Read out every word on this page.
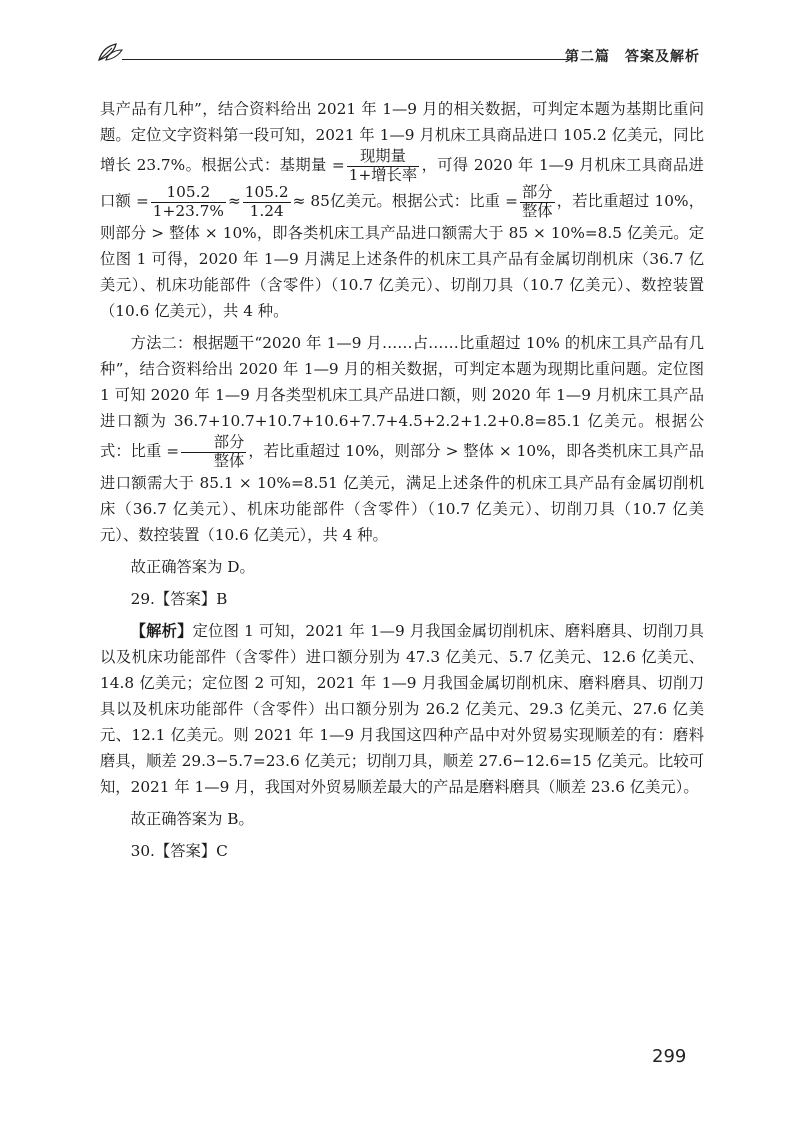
第二篇　答案及解析

具产品有几种”，结合资料给出 2021 年 1—9 月的相关数据，可判定本题为基期比重问题。定位文字资料第一段可知，2021 年 1—9 月机床工具商品进口 105.2 亿美元，同比增长 23.7%。根据公式：基期量 = $\frac{\text{现期量}}{\text{1+增长率}}$ ，可得 2020 年 1—9 月机床工具商品进口额 = $\frac{105.2}{1+23.7\%} \approx \frac{105.2}{1.24} \approx 85$亿美元。根据公式：比重 = $\frac{\text{部分}}{\text{整体}}$ ，若比重超过 10%，则部分 > 整体 × 10%，即各类机床工具产品进口额需大于 85 × 10%=8.5 亿美元。定位图 1 可得，2020 年 1—9 月满足上述条件的机床工具产品有金属切削机床（36.7 亿美元）、机床功能部件（含零件）（10.7 亿美元）、切削刀具（10.7 亿美元）、数控装置（10.6 亿美元），共 4 种。

方法二：根据题干“2020 年 1—9 月……占……比重超过 10% 的机床工具产品有几种”，结合资料给出 2020 年 1—9 月的相关数据，可判定本题为现期比重问题。定位图 1 可知 2020 年 1—9 月各类型机床工具产品进口额，则 2020 年 1—9 月机床工具产品进口额为 36.7+10.7+10.7+10.6+7.7+4.5+2.2+1.2+0.8=85.1 亿美元。根据公式：比重 = $\frac{\text{部分}}{\text{整体}}$ ，若比重超过 10%，则部分 > 整体 × 10%，即各类机床工具产品进口额需大于 85.1 × 10%=8.51 亿美元，满足上述条件的机床工具产品有金属切削机床（36.7 亿美元）、机床功能部件（含零件）（10.7 亿美元）、切削刀具（10.7 亿美元）、数控装置（10.6 亿美元），共 4 种。

故正确答案为 D。

29.【答案】B

【解析】定位图 1 可知，2021 年 1—9 月我国金属切削机床、磨料磨具、切削刀具以及机床功能部件（含零件）进口额分别为 47.3 亿美元、5.7 亿美元、12.6 亿美元、14.8 亿美元；定位图 2 可知，2021 年 1—9 月我国金属切削机床、磨料磨具、切削刀具以及机床功能部件（含零件）出口额分别为 26.2 亿美元、29.3 亿美元、27.6 亿美元、12.1 亿美元。则 2021 年 1—9 月我国这四种产品中对外贸易实现顺差的有：磨料磨具，顺差 29.3−5.7=23.6 亿美元；切削刀具，顺差 27.6−12.6=15 亿美元。比较可知，2021 年 1—9 月，我国对外贸易顺差最大的产品是磨料磨具（顺差 23.6 亿美元）。

故正确答案为 B。

30.【答案】C

299
